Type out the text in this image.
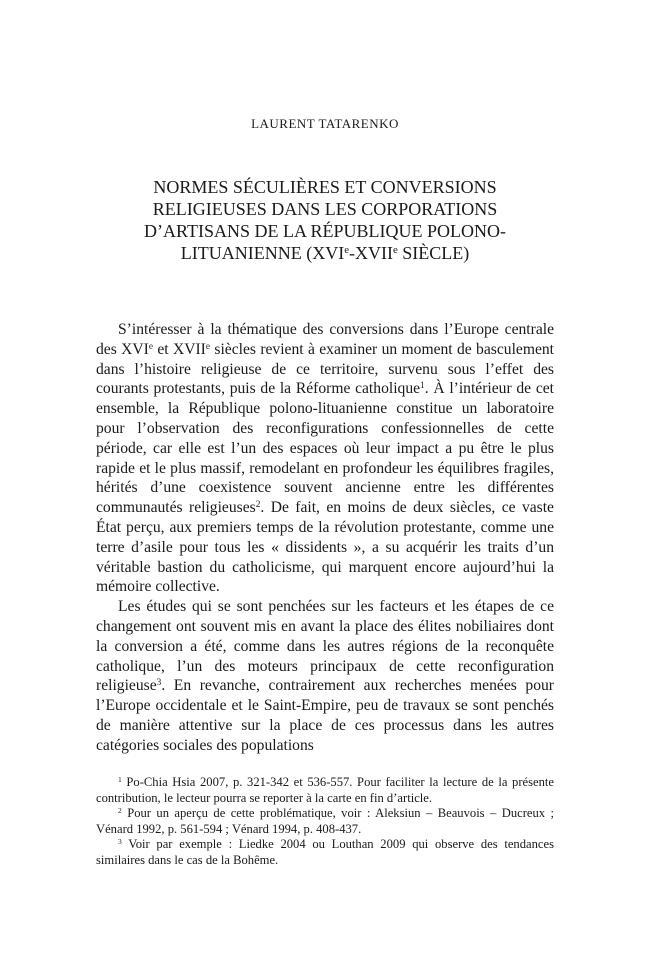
LAURENT TATARENKO
NORMES SÉCULIÈRES ET CONVERSIONS
RELIGIEUSES DANS LES CORPORATIONS
D’ARTISANS DE LA RÉPUBLIQUE POLONO-
LITUANIENNE (XVIe-XVIIe SIÈCLE)

S’intéresser à la thématique des conversions dans l’Europe centrale des XVIe et XVIIe siècles revient à examiner un moment de basculement dans l’histoire religieuse de ce territoire, survenu sous l’effet des courants protestants, puis de la Réforme catholique$^1$. À l’intérieur de cet ensemble, la République polono-lituanienne constitue un laboratoire pour l’observation des reconfigurations confessionnelles de cette période, car elle est l’un des espaces où leur impact a pu être le plus rapide et le plus massif, remodelant en profondeur les équilibres fragiles, hérités d’une coexistence souvent ancienne entre les différentes communautés religieuses$^2$. De fait, en moins de deux siècles, ce vaste État perçu, aux premiers temps de la révolution protestante, comme une terre d’asile pour tous les « dissidents », a su acquérir les traits d’un véritable bastion du catholicisme, qui marquent encore aujourd’hui la mémoire collective.

Les études qui se sont penchées sur les facteurs et les étapes de ce changement ont souvent mis en avant la place des élites nobiliaires dont la conversion a été, comme dans les autres régions de la reconquête catholique, l’un des moteurs principaux de cette reconfiguration religieuse$^3$. En revanche, contrairement aux recherches menées pour l’Europe occidentale et le Saint-Empire, peu de travaux se sont penchés de manière attentive sur la place de ces processus dans les autres catégories sociales des populations

$^1$ Po-Chia Hsia 2007, p. 321-342 et 536-557. Pour faciliter la lecture de la présente contribution, le lecteur pourra se reporter à la carte en fin d’article.

$^2$ Pour un aperçu de cette problématique, voir : Aleksiun – Beauvois – Ducreux ; Vénard 1992, p. 561-594 ; Vénard 1994, p. 408-437.

$^3$ Voir par exemple : Liedke 2004 ou Louthan 2009 qui observe des tendances similaires dans le cas de la Bohême.
